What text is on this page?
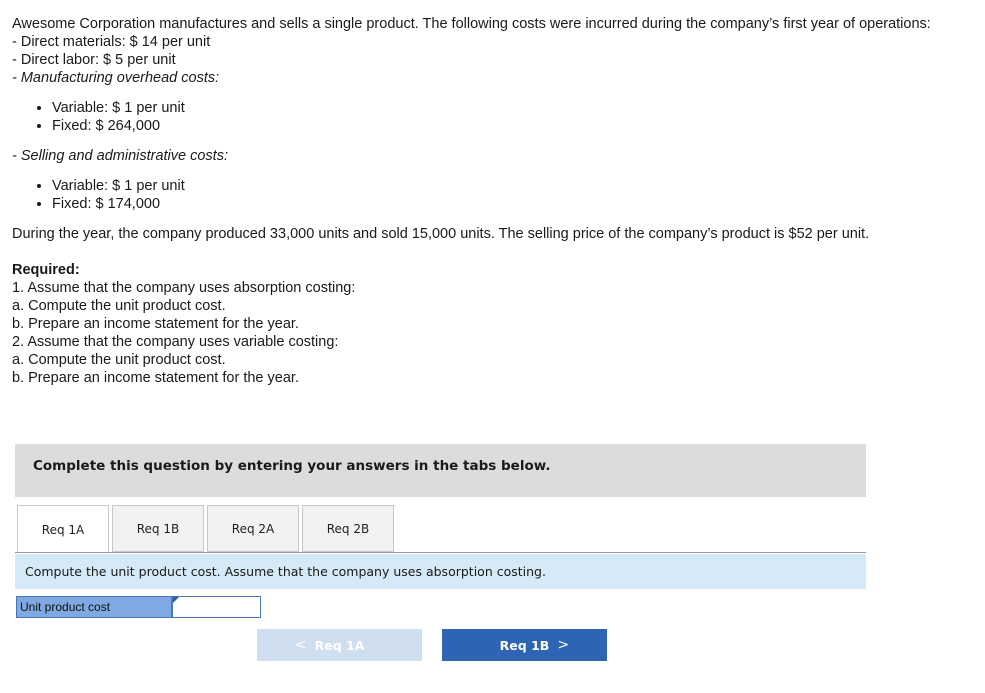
Awesome Corporation manufactures and sells a single product. The following costs were incurred during the company’s first year of operations:

- Direct materials: $ 14 per unit

- Direct labor: $ 5 per unit

- Manufacturing overhead costs:

• Variable: $ 1 per unit
• Fixed: $ 264,000

- Selling and administrative costs:

• Variable: $ 1 per unit
• Fixed: $ 174,000

During the year, the company produced 33,000 units and sold 15,000 units. The selling price of the company’s product is $52 per unit.

Required:

1. Assume that the company uses absorption costing:

a. Compute the unit product cost.

b. Prepare an income statement for the year.

2. Assume that the company uses variable costing:

a. Compute the unit product cost.

b. Prepare an income statement for the year.

Complete this question by entering your answers in the tabs below.
Req 1A	Req 1B	Req 2A	Req 2B
Compute the unit product cost. Assume that the company uses absorption costing.
Unit product cost
< Req 1A	Req 1B >
